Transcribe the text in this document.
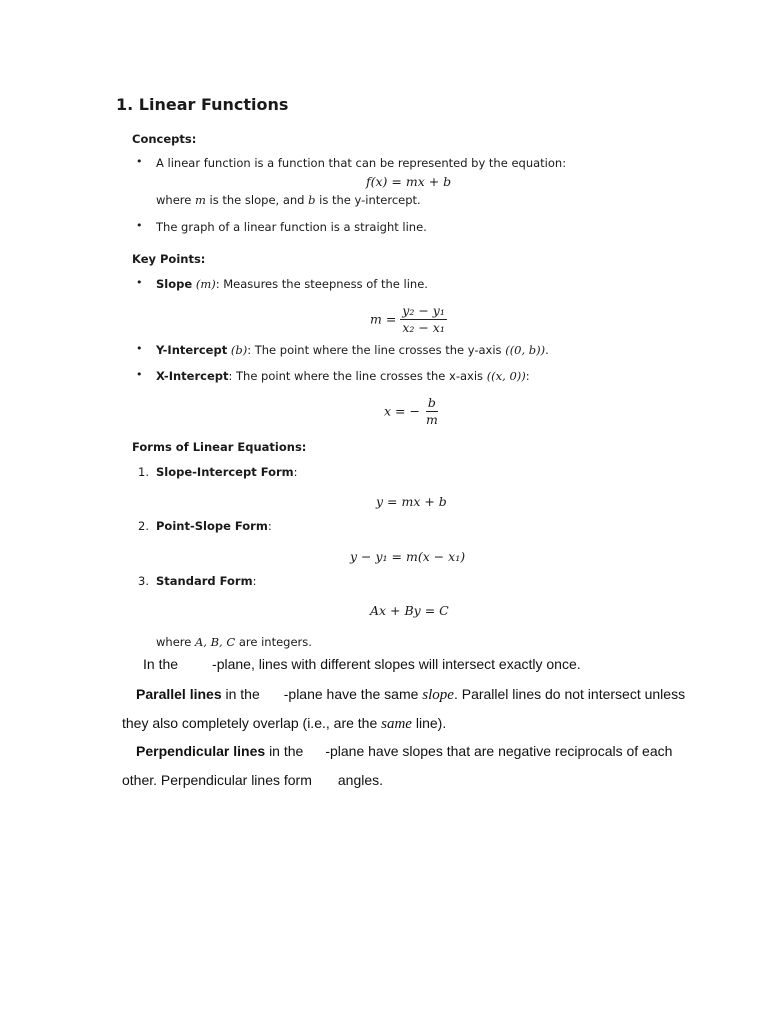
1. Linear Functions
Concepts:
• A linear function is a function that can be represented by the equation:
f(x) = mx + b
where m is the slope, and b is the y-intercept.
• The graph of a linear function is a straight line.
Key Points:
• Slope (m): Measures the steepness of the line.
$m = \frac{\text{y₂ − y₁}}{\text{x₂ − x₁}}$
• Y-Intercept (b): The point where the line crosses the y-axis ((0, b)).
• X-Intercept: The point where the line crosses the x-axis ((x, 0)):
x = − $\frac{b}{m}$
Forms of Linear Equations:
1. Slope-Intercept Form:
y = mx + b
2. Point-Slope Form:
y − y₁ = m(x − x₁)
3. Standard Form:
Ax + By = C
where A, B, C are integers.
In the -plane, lines with different slopes will intersect exactly once.
Parallel lines in the -plane have the same slope. Parallel lines do not intersect unless
they also completely overlap (i.e., are the same line).
Perpendicular lines in the -plane have slopes that are negative reciprocals of each
other. Perpendicular lines form angles.
